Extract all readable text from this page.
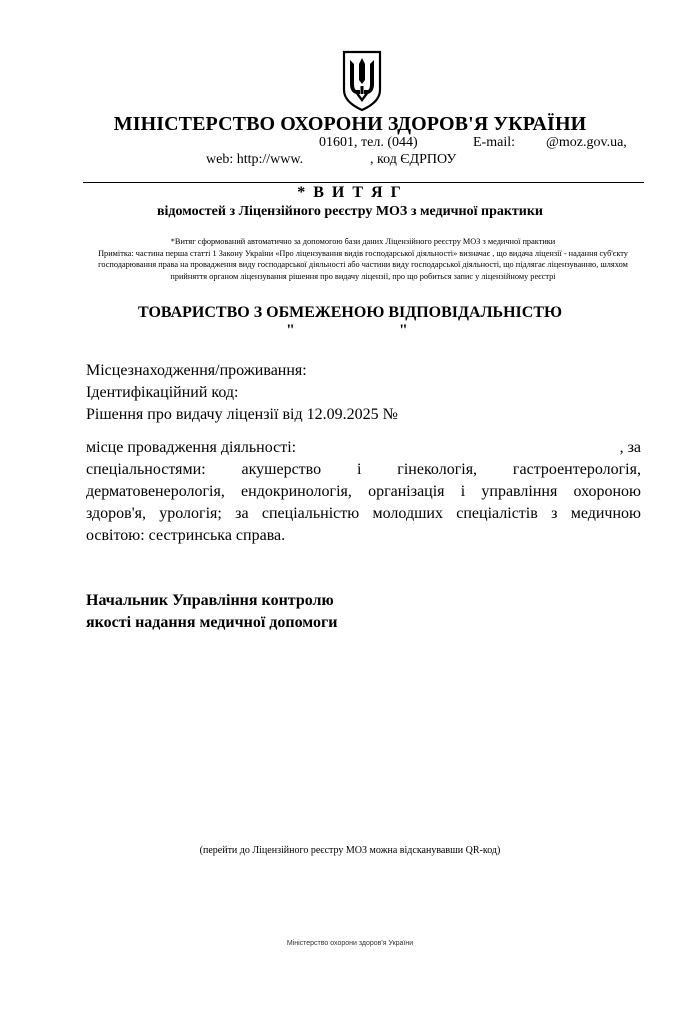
МІНІСТЕРСТВО ОХОРОНИ ЗДОРОВ'Я УКРАЇНИ
01601, тел. (044)	E-mail: @moz.gov.ua,
web: http://www.	, код ЄДРПОУ
* В И Т Я Г
відомостей з Ліцензійного реєстру МОЗ з медичної практики
*Витяг сформований автоматично за допомогою бази даних Ліцензійного реєстру МОЗ з медичної практики
Примітка: частина перша статті 1 Закону України «Про ліцензування видів господарської діяльності» визначає , що видача ліцензії - надання суб'єкту господарювання права на провадження виду господарської діяльності або частини виду господарської діяльності, що підлягає ліцензуванню, шляхом прийняття органом ліцензування рішення про видачу ліцензії, про що робиться запис у ліцензійному реєстрі
ТОВАРИСТВО З ОБМЕЖЕНОЮ ВІДПОВІДАЛЬНІСТЮ
"                          "
Місцезнаходження/проживання:
Ідентифікаційний код:
Рішення про видачу ліцензії від 12.09.2025 №
місце провадження діяльності:	, за
спеціальностями: акушерство і гінекологія, гастроентерологія,
дерматовенерологія, ендокринологія, організація і управління охороною
здоров'я, урологія; за спеціальністю молодших спеціалістів з медичною
освітою: сестринська справа.
Начальник Управління контролю
якості надання медичної допомоги
(перейти до Ліцензійного реєстру МОЗ можна відсканувавши QR-код)
Міністерство охорони здоров'я України
